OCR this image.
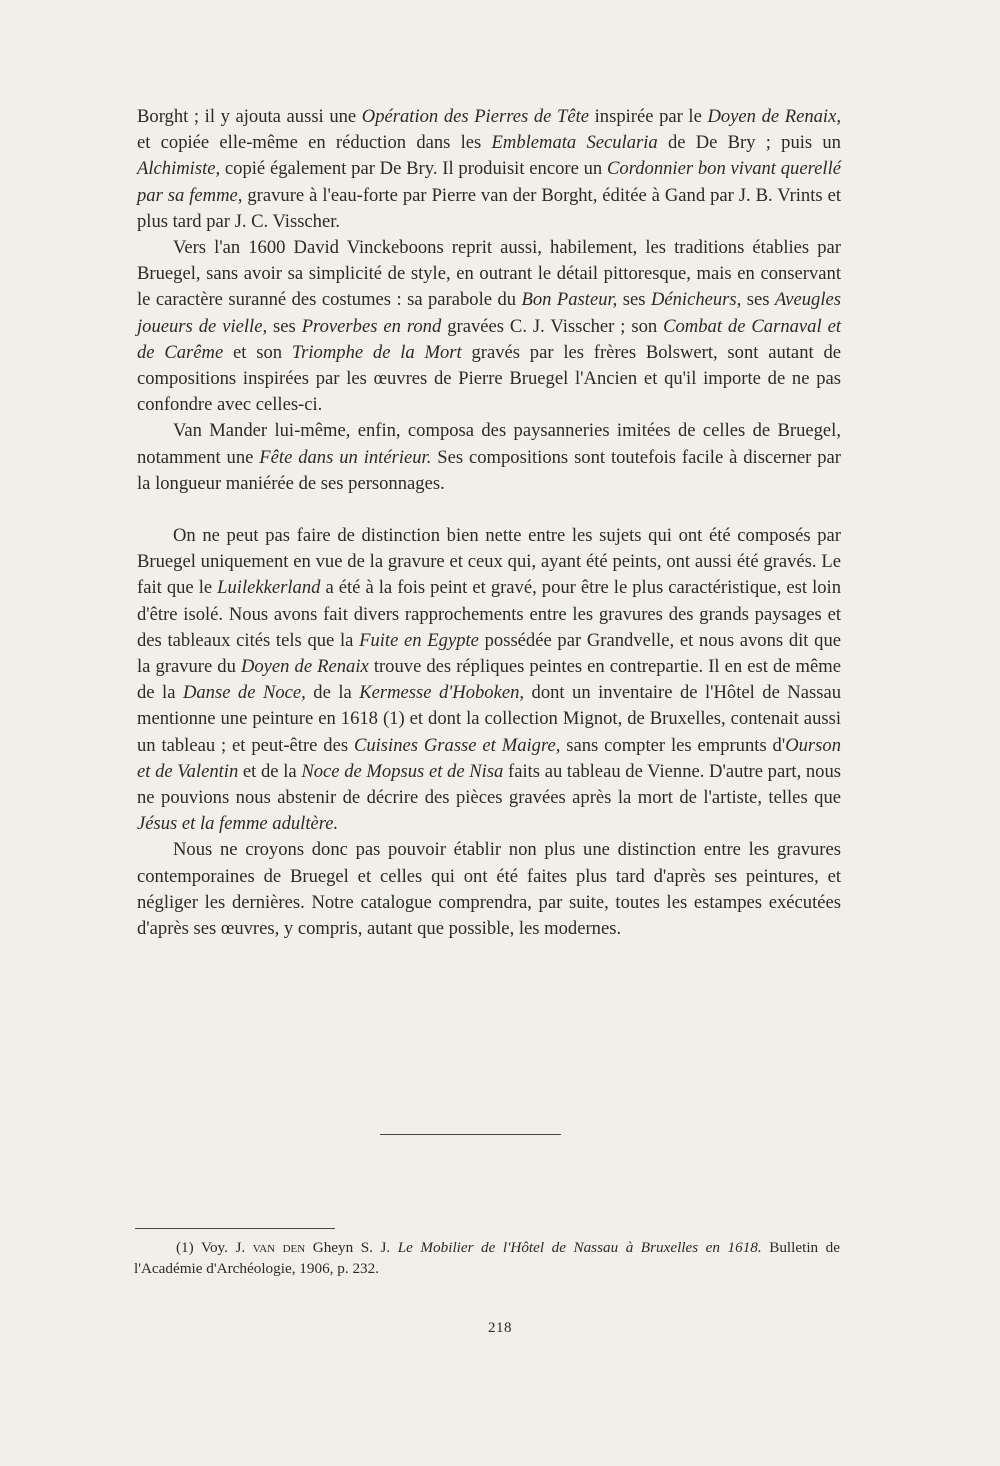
Borght ; il y ajouta aussi une Opération des Pierres de Tête inspirée par le Doyen de Renaix, et copiée elle-même en réduction dans les Emblemata Secularia de De Bry ; puis un Alchimiste, copié également par De Bry. Il produisit encore un Cordonnier bon vivant querellé par sa femme, gravure à l'eau-forte par Pierre van der Borght, éditée à Gand par J. B. Vrints et plus tard par J. C. Visscher.

Vers l'an 1600 David Vinckeboons reprit aussi, habilement, les traditions établies par Bruegel, sans avoir sa simplicité de style, en outrant le détail pittoresque, mais en conservant le caractère suranné des costumes : sa parabole du Bon Pasteur, ses Dénicheurs, ses Aveugles joueurs de vielle, ses Proverbes en rond gravées C. J. Visscher ; son Combat de Carnaval et de Carême et son Triomphe de la Mort gravés par les frères Bolswert, sont autant de compositions inspirées par les œuvres de Pierre Bruegel l'Ancien et qu'il importe de ne pas confondre avec celles-ci.

Van Mander lui-même, enfin, composa des paysanneries imitées de celles de Bruegel, notamment une Fête dans un intérieur. Ses compositions sont toutefois facile à discerner par la longueur maniérée de ses personnages.

On ne peut pas faire de distinction bien nette entre les sujets qui ont été composés par Bruegel uniquement en vue de la gravure et ceux qui, ayant été peints, ont aussi été gravés. Le fait que le Luilekkerland a été à la fois peint et gravé, pour être le plus caractéristique, est loin d'être isolé. Nous avons fait divers rapprochements entre les gravures des grands paysages et des tableaux cités tels que la Fuite en Egypte possédée par Grandvelle, et nous avons dit que la gravure du Doyen de Renaix trouve des répliques peintes en contrepartie. Il en est de même de la Danse de Noce, de la Kermesse d'Hoboken, dont un inventaire de l'Hôtel de Nassau mentionne une peinture en 1618 (1) et dont la collection Mignot, de Bruxelles, contenait aussi un tableau ; et peut-être des Cuisines Grasse et Maigre, sans compter les emprunts d'Ourson et de Valentin et de la Noce de Mopsus et de Nisa faits au tableau de Vienne. D'autre part, nous ne pouvions nous abstenir de décrire des pièces gravées après la mort de l'artiste, telles que Jésus et la femme adultère.

Nous ne croyons donc pas pouvoir établir non plus une distinction entre les gravures contemporaines de Bruegel et celles qui ont été faites plus tard d'après ses peintures, et négliger les dernières. Notre catalogue comprendra, par suite, toutes les estampes exécutées d'après ses œuvres, y compris, autant que possible, les modernes.

(1) Voy. J. van den Gheyn S. J. Le Mobilier de l'Hôtel de Nassau à Bruxelles en 1618. Bulletin de l'Académie d'Archéologie, 1906, p. 232.

218
